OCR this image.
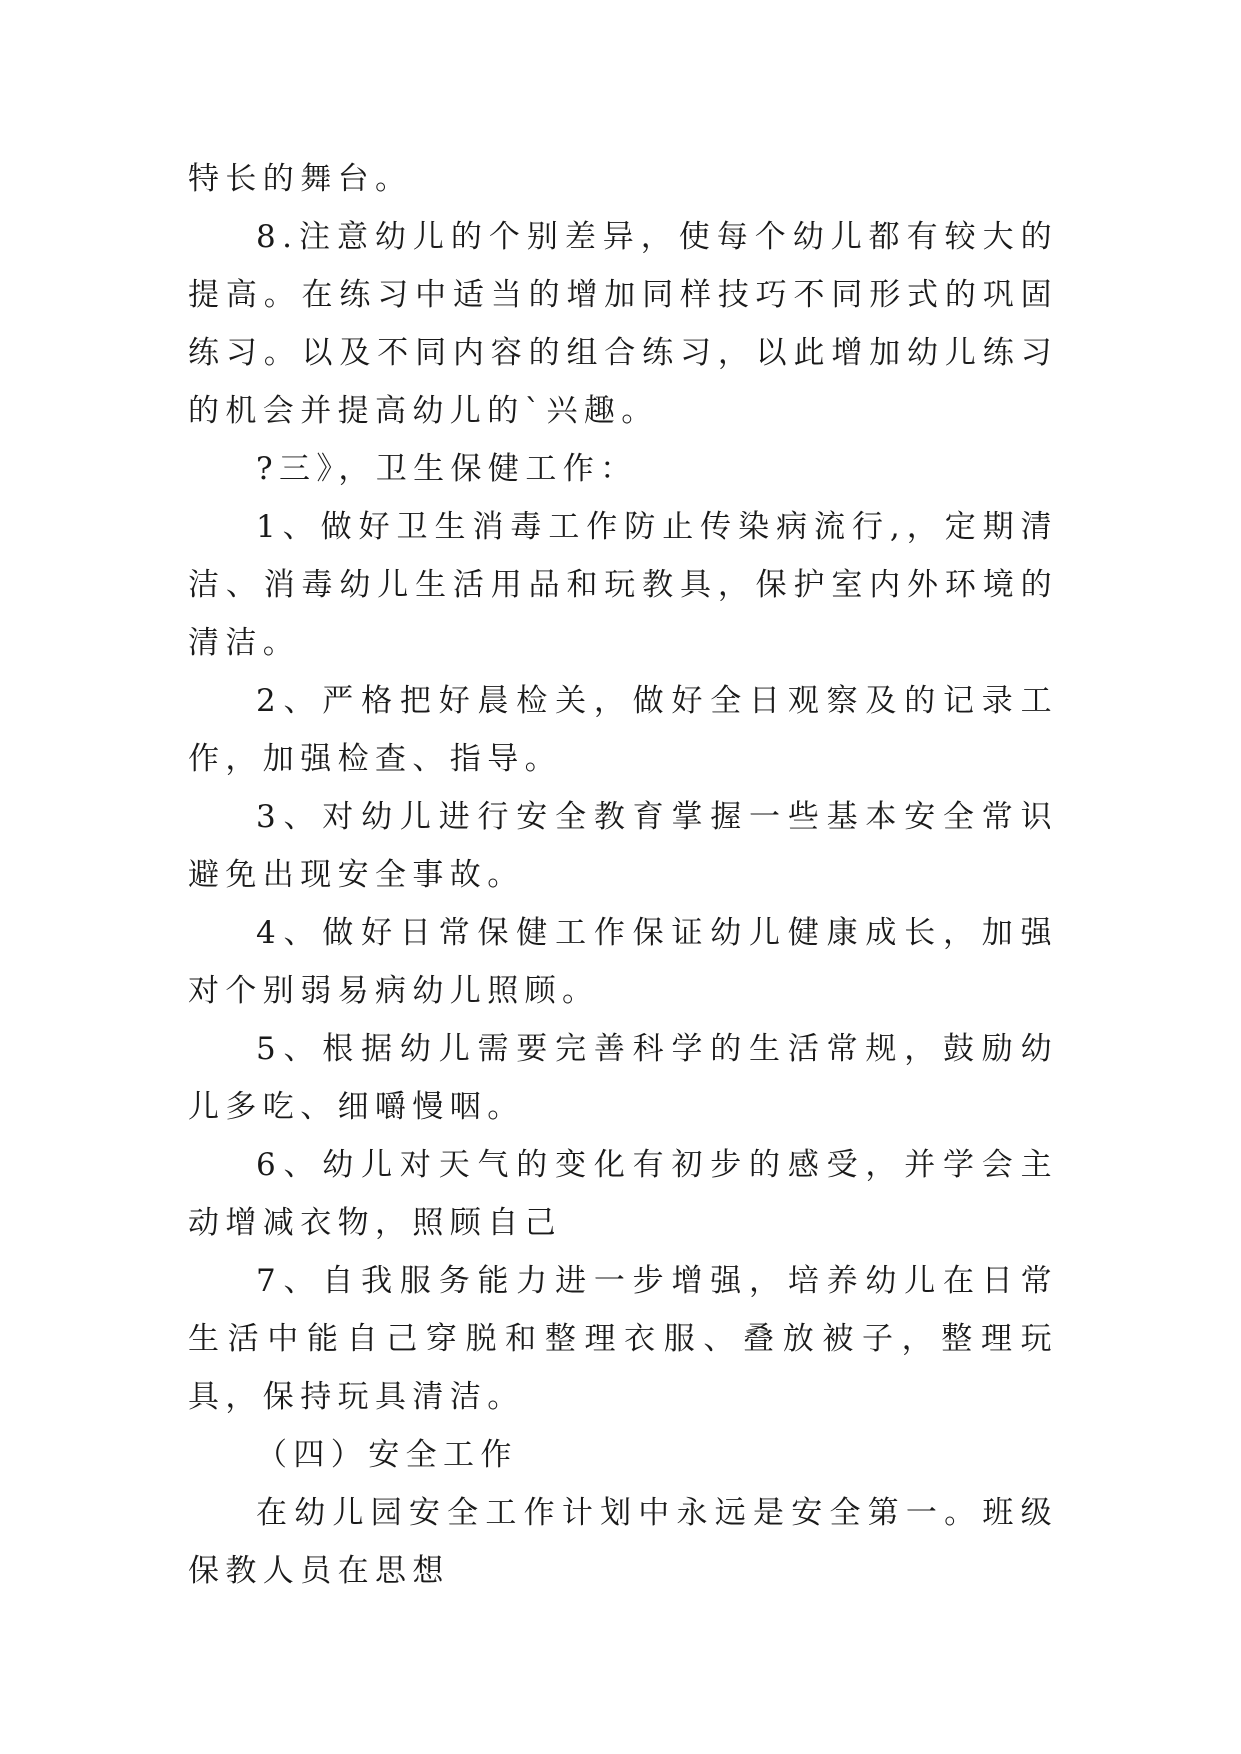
特长的舞台。

8.注意幼儿的个别差异，使每个幼儿都有较大的提高。在练习中适当的增加同样技巧不同形式的巩固练习。以及不同内容的组合练习，以此增加幼儿练习的机会并提高幼儿的`兴趣。

?三》，卫生保健工作：

1、做好卫生消毒工作防止传染病流行,，定期清洁、消毒幼儿生活用品和玩教具，保护室内外环境的清洁。

2、严格把好晨检关，做好全日观察及的记录工作，加强检查、指导。

3、对幼儿进行安全教育掌握一些基本安全常识避免出现安全事故。

4、做好日常保健工作保证幼儿健康成长，加强对个别弱易病幼儿照顾。

5、根据幼儿需要完善科学的生活常规，鼓励幼儿多吃、细嚼慢咽。

6、幼儿对天气的变化有初步的感受，并学会主动增减衣物，照顾自己

7、自我服务能力进一步增强，培养幼儿在日常生活中能自己穿脱和整理衣服、叠放被子，整理玩具，保持玩具清洁。

（四）安全工作

在幼儿园安全工作计划中永远是安全第一。班级保教人员在思想
